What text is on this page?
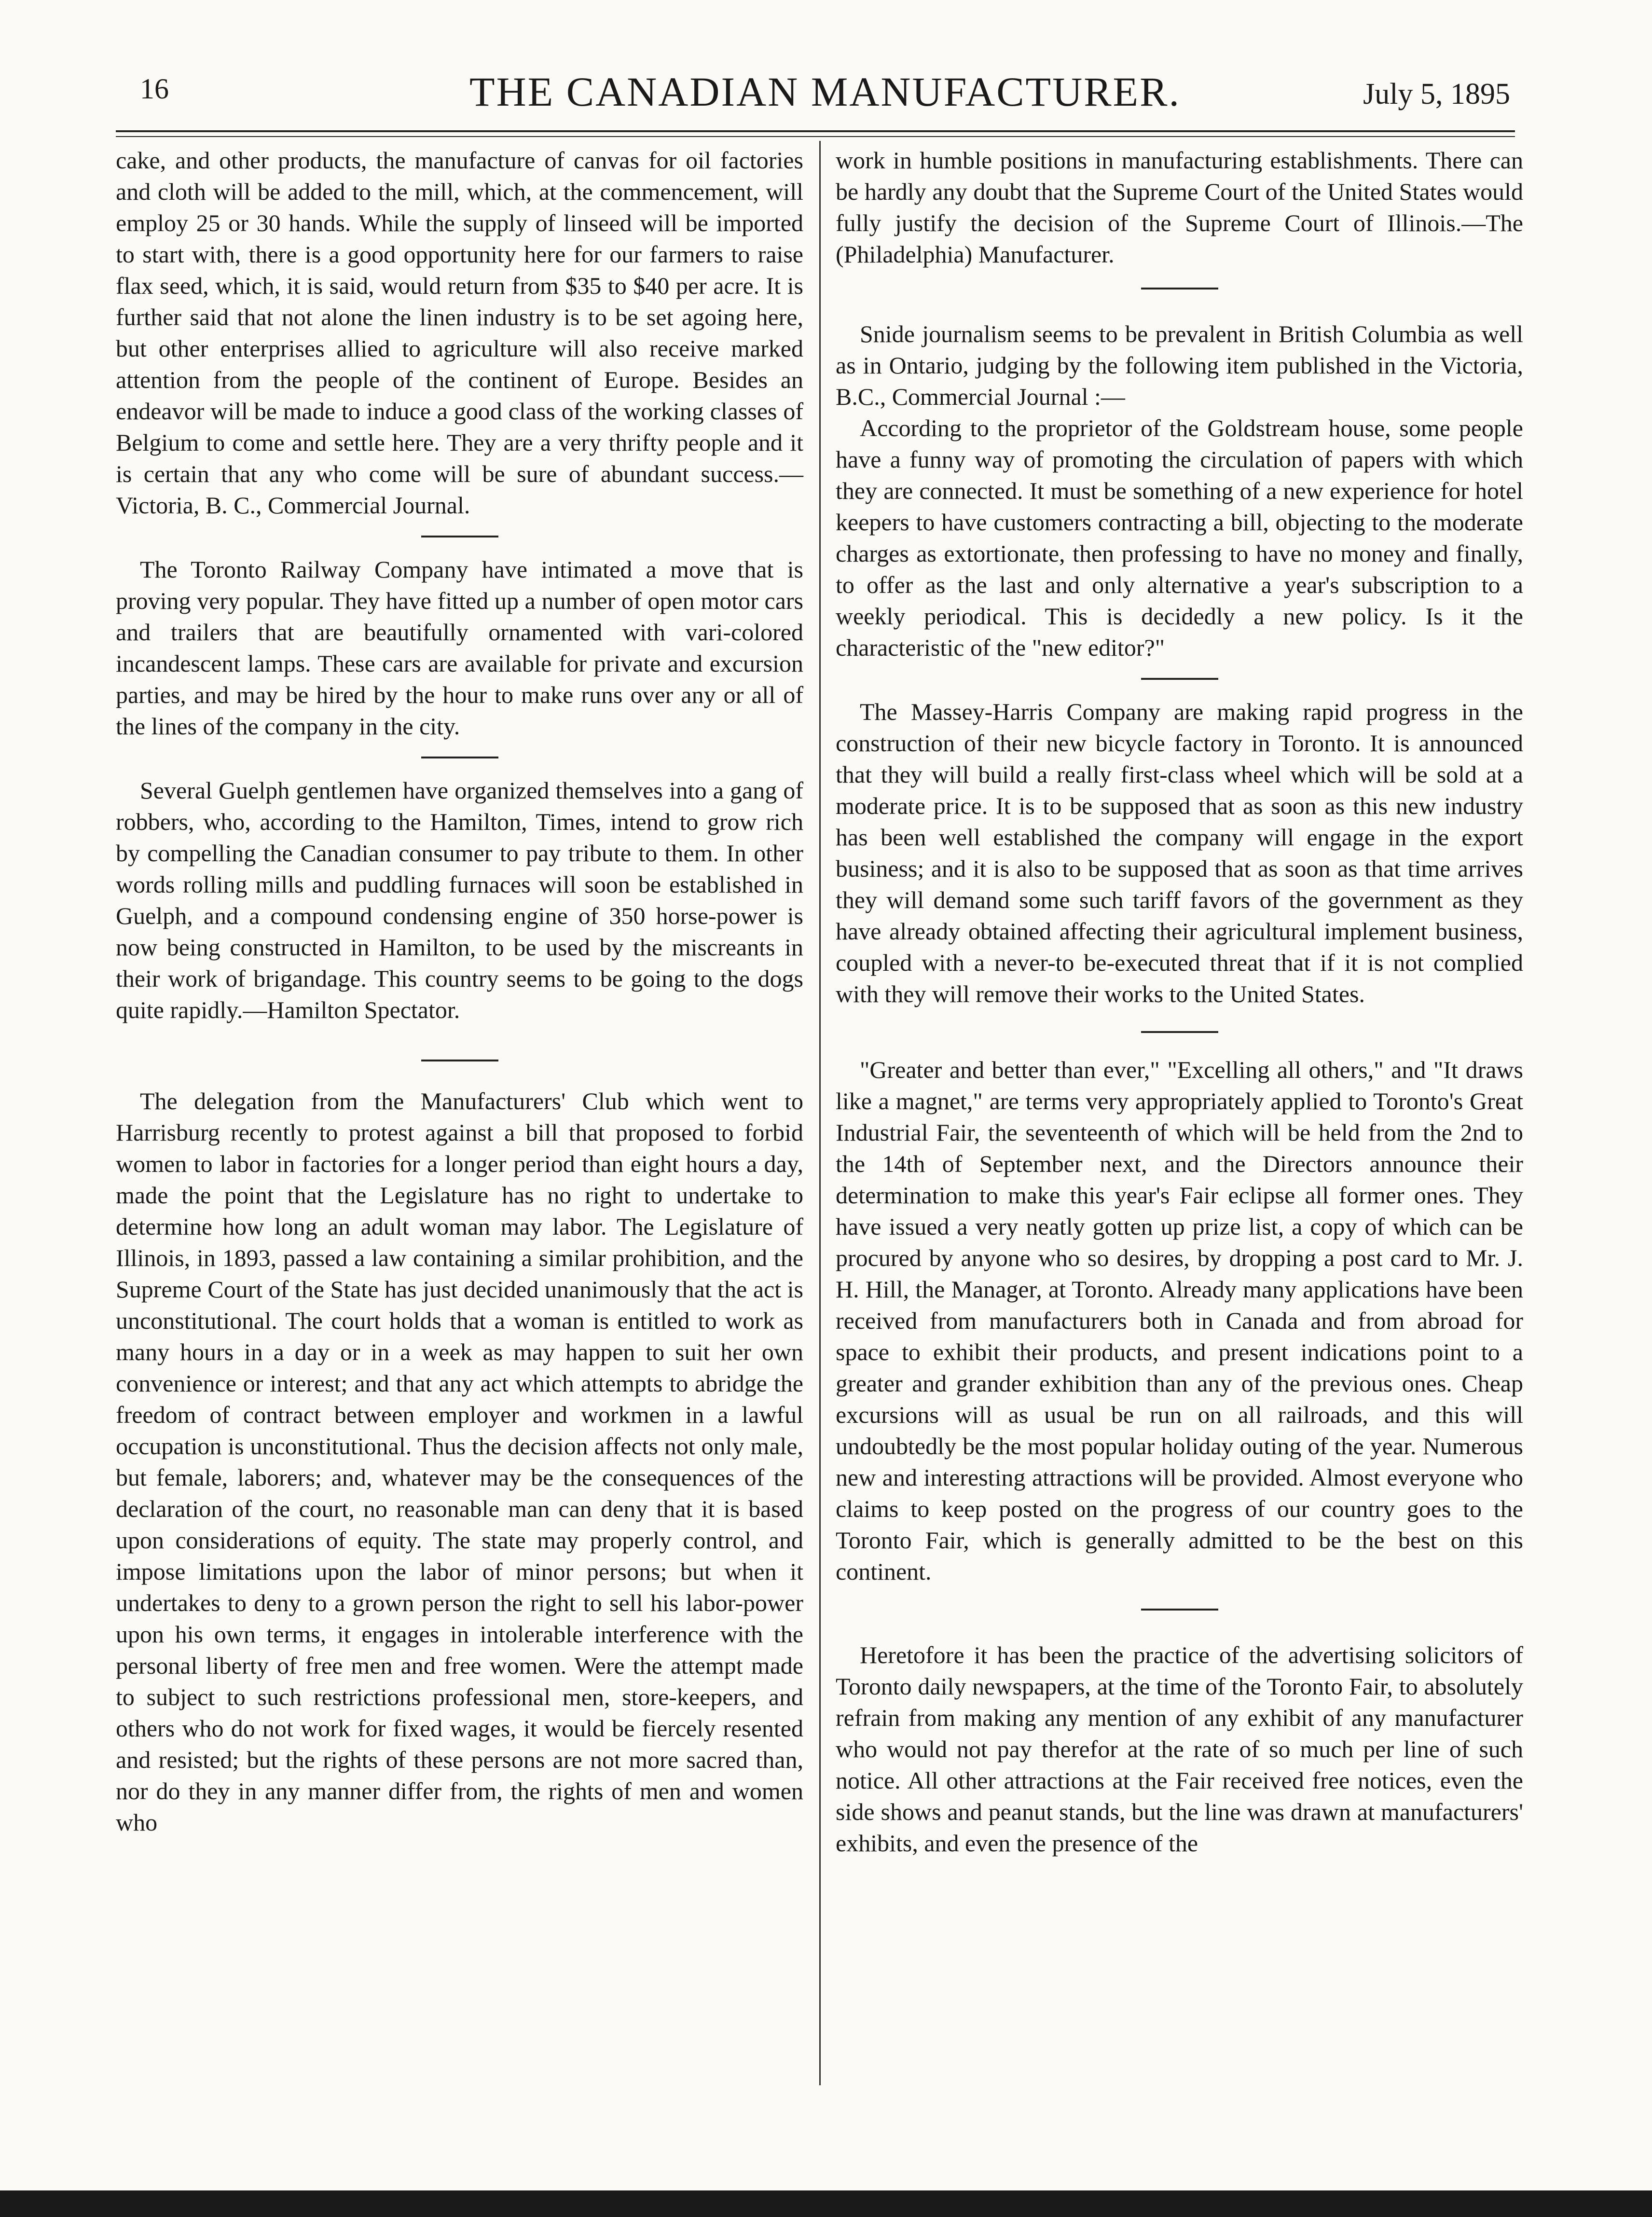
16	THE CANADIAN MANUFACTURER.	July 5, 1895

cake, and other products, the manufacture of canvas for oil factories and cloth will be added to the mill, which, at the commencement, will employ 25 or 30 hands. While the supply of linseed will be imported to start with, there is a good opportunity here for our farmers to raise flax seed, which, it is said, would return from $35 to $40 per acre. It is further said that not alone the linen industry is to be set agoing here, but other enterprises allied to agriculture will also receive marked attention from the people of the continent of Europe. Besides an endeavor will be made to induce a good class of the working classes of Belgium to come and settle here. They are a very thrifty people and it is certain that any who come will be sure of abundant success.—Victoria, B. C., Commercial Journal.

The Toronto Railway Company have intimated a move that is proving very popular. They have fitted up a number of open motor cars and trailers that are beautifully ornamented with vari-colored incandescent lamps. These cars are available for private and excursion parties, and may be hired by the hour to make runs over any or all of the lines of the company in the city.

Several Guelph gentlemen have organized themselves into a gang of robbers, who, according to the Hamilton, Times, intend to grow rich by compelling the Canadian consumer to pay tribute to them. In other words rolling mills and puddling furnaces will soon be established in Guelph, and a compound condensing engine of 350 horse-power is now being constructed in Hamilton, to be used by the miscreants in their work of brigandage. This country seems to be going to the dogs quite rapidly.—Hamilton Spectator.

The delegation from the Manufacturers' Club which went to Harrisburg recently to protest against a bill that proposed to forbid women to labor in factories for a longer period than eight hours a day, made the point that the Legislature has no right to undertake to determine how long an adult woman may labor. The Legislature of Illinois, in 1893, passed a law containing a similar prohibition, and the Supreme Court of the State has just decided unanimously that the act is unconstitutional. The court holds that a woman is entitled to work as many hours in a day or in a week as may happen to suit her own convenience or interest; and that any act which attempts to abridge the freedom of contract between employer and workmen in a lawful occupation is unconstitutional. Thus the decision affects not only male, but female, laborers; and, whatever may be the consequences of the declaration of the court, no reasonable man can deny that it is based upon considerations of equity. The state may properly control, and impose limitations upon the labor of minor persons; but when it undertakes to deny to a grown person the right to sell his labor-power upon his own terms, it engages in intolerable interference with the personal liberty of free men and free women. Were the attempt made to subject to such restrictions professional men, store-keepers, and others who do not work for fixed wages, it would be fiercely resented and resisted; but the rights of these persons are not more sacred than, nor do they in any manner differ from, the rights of men and women who

work in humble positions in manufacturing establishments. There can be hardly any doubt that the Supreme Court of the United States would fully justify the decision of the Supreme Court of Illinois.—The (Philadelphia) Manufacturer.

Snide journalism seems to be prevalent in British Columbia as well as in Ontario, judging by the following item published in the Victoria, B.C., Commercial Journal :—

According to the proprietor of the Goldstream house, some people have a funny way of promoting the circulation of papers with which they are connected. It must be something of a new experience for hotel keepers to have customers contracting a bill, objecting to the moderate charges as extortionate, then professing to have no money and finally, to offer as the last and only alternative a year's subscription to a weekly periodical. This is decidedly a new policy. Is it the characteristic of the "new editor?"

The Massey-Harris Company are making rapid progress in the construction of their new bicycle factory in Toronto. It is announced that they will build a really first-class wheel which will be sold at a moderate price. It is to be supposed that as soon as this new industry has been well established the company will engage in the export business; and it is also to be supposed that as soon as that time arrives they will demand some such tariff favors of the government as they have already obtained affecting their agricultural implement business, coupled with a never-to be-executed threat that if it is not complied with they will remove their works to the United States.

"Greater and better than ever," "Excelling all others," and "It draws like a magnet," are terms very appropriately applied to Toronto's Great Industrial Fair, the seventeenth of which will be held from the 2nd to the 14th of September next, and the Directors announce their determination to make this year's Fair eclipse all former ones. They have issued a very neatly gotten up prize list, a copy of which can be procured by anyone who so desires, by dropping a post card to Mr. J. H. Hill, the Manager, at Toronto. Already many applications have been received from manufacturers both in Canada and from abroad for space to exhibit their products, and present indications point to a greater and grander exhibition than any of the previous ones. Cheap excursions will as usual be run on all railroads, and this will undoubtedly be the most popular holiday outing of the year. Numerous new and interesting attractions will be provided. Almost everyone who claims to keep posted on the progress of our country goes to the Toronto Fair, which is generally admitted to be the best on this continent.

Heretofore it has been the practice of the advertising solicitors of Toronto daily newspapers, at the time of the Toronto Fair, to absolutely refrain from making any mention of any exhibit of any manufacturer who would not pay therefor at the rate of so much per line of such notice. All other attractions at the Fair received free notices, even the side shows and peanut stands, but the line was drawn at manufacturers' exhibits, and even the presence of the
